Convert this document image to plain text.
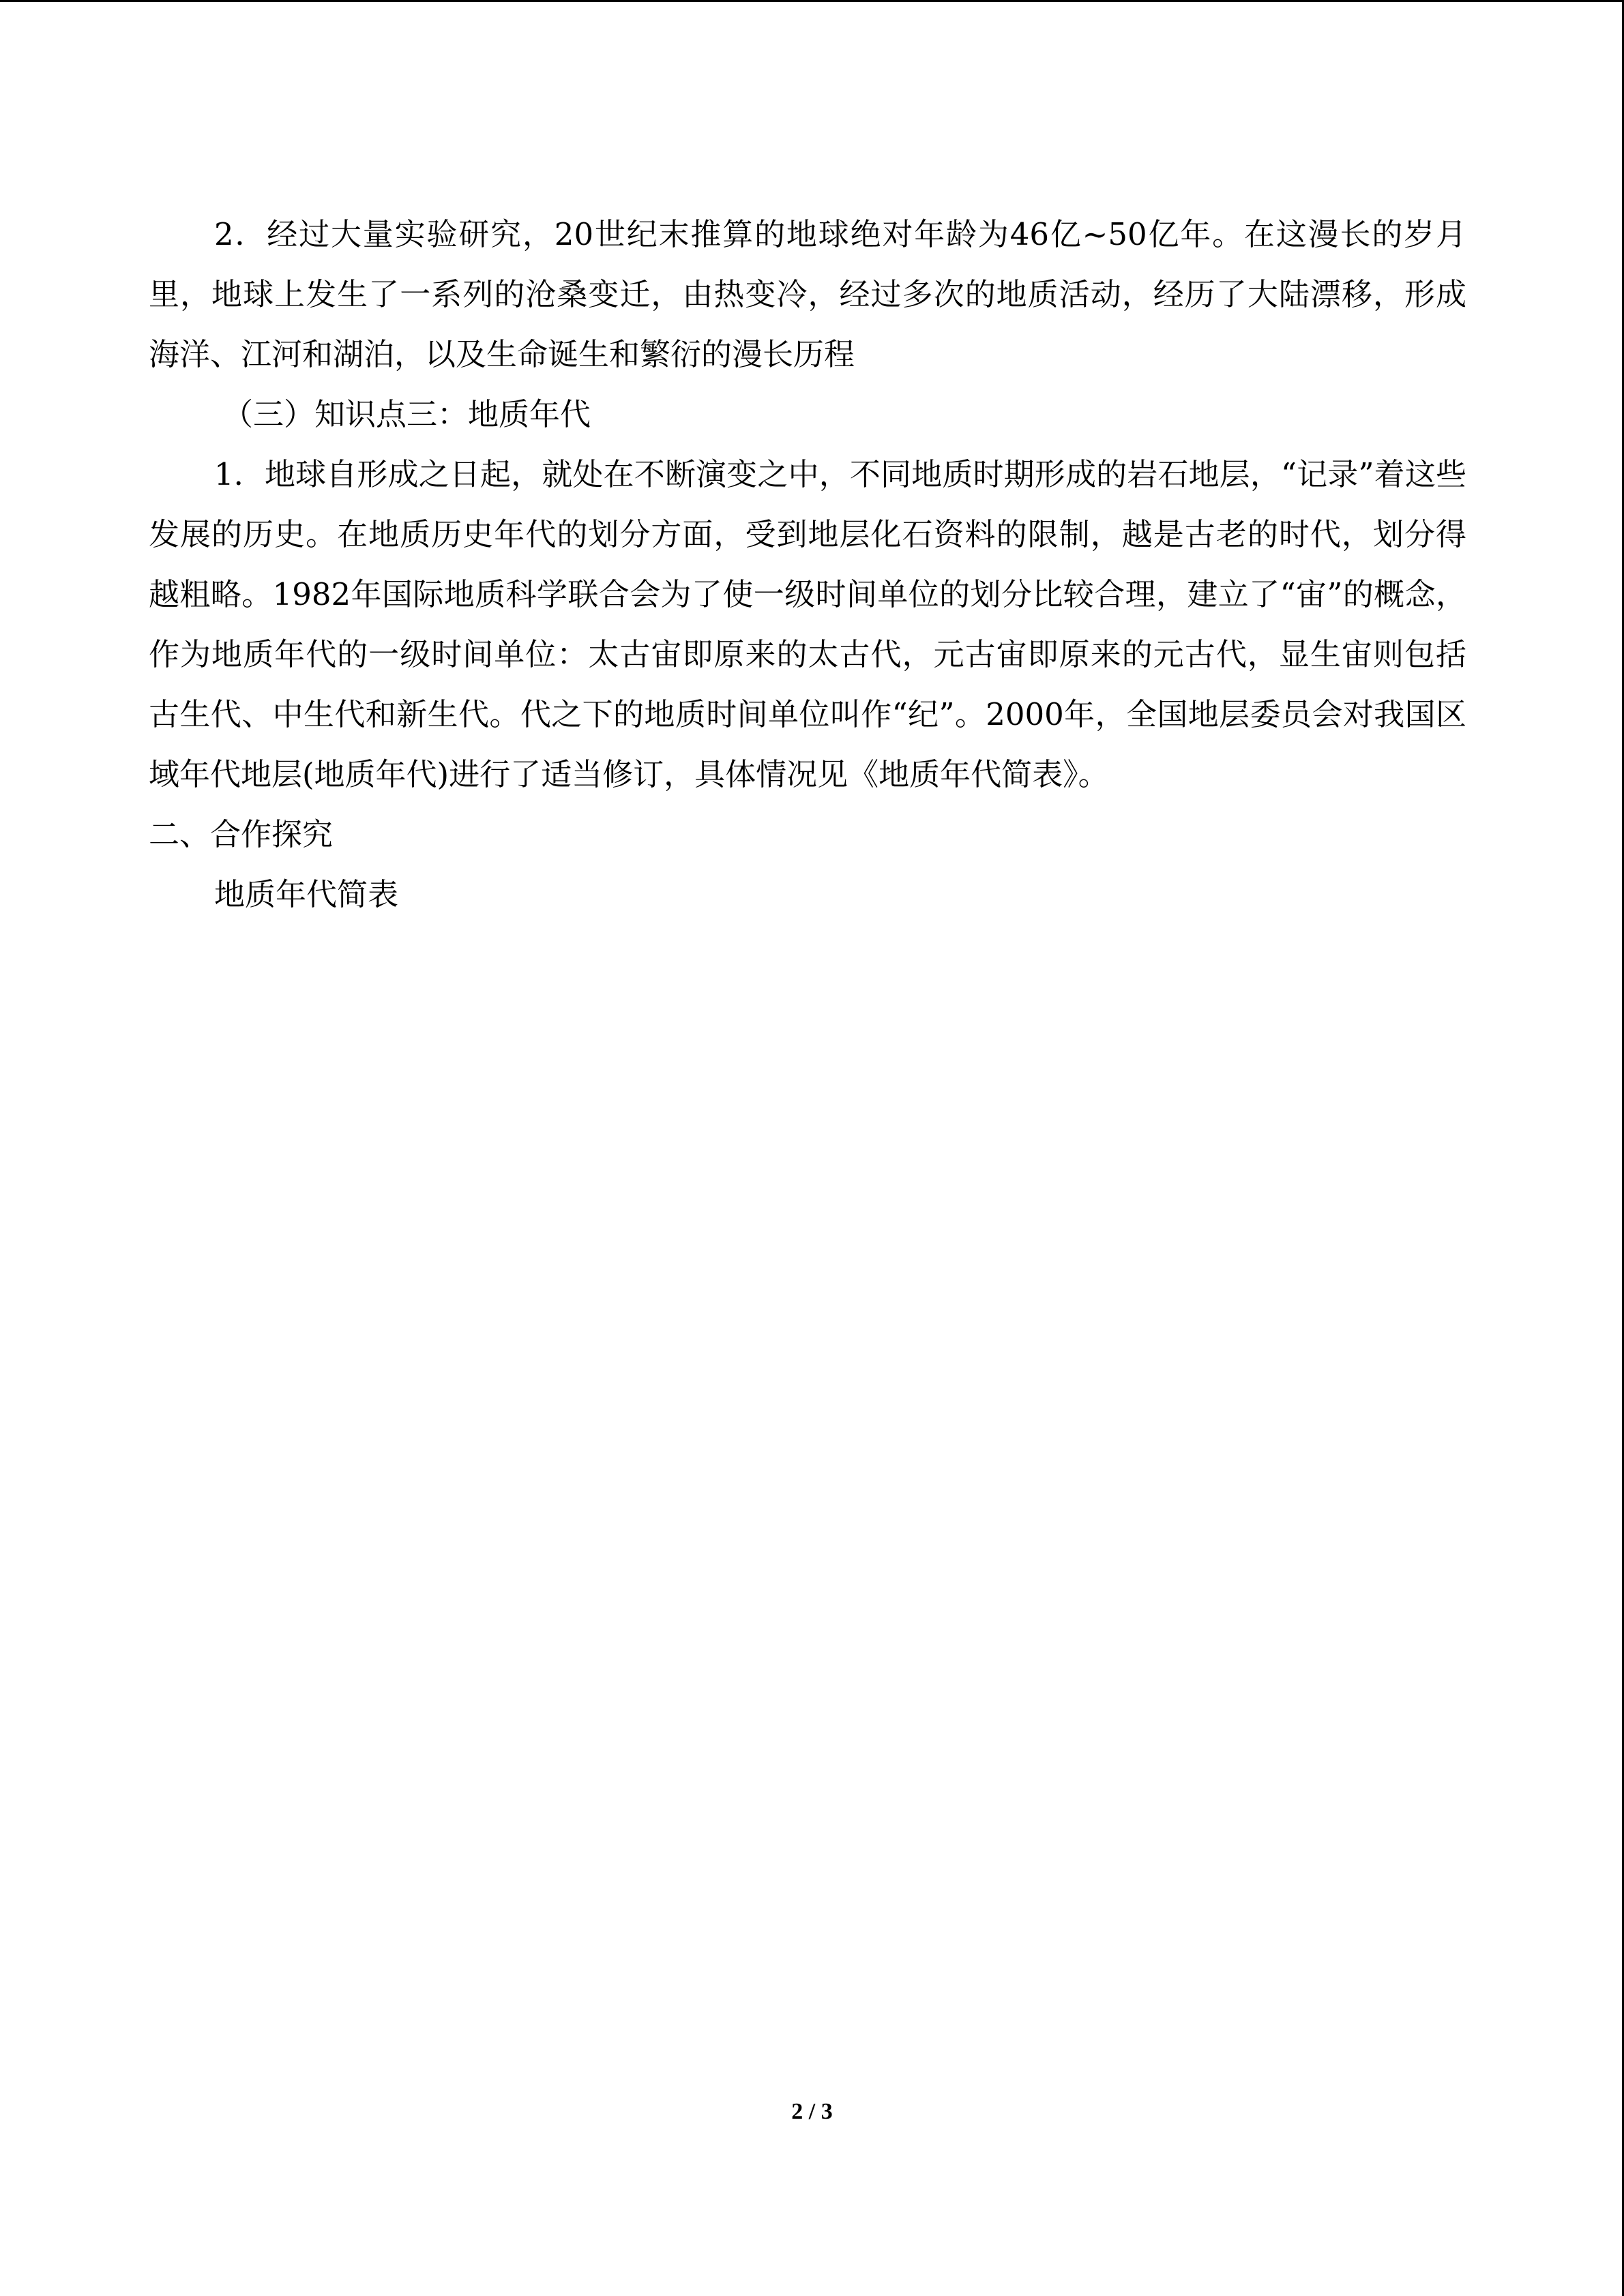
2．经过大量实验研究，20世纪末推算的地球绝对年龄为46亿~50亿年。在这漫长的岁月里，地球上发生了一系列的沧桑变迁，由热变冷，经过多次的地质活动，经历了大陆漂移，形成海洋、江河和湖泊，以及生命诞生和繁衍的漫长历程

（三）知识点三：地质年代

1．地球自形成之日起，就处在不断演变之中，不同地质时期形成的岩石地层，“记录”着这些发展的历史。在地质历史年代的划分方面，受到地层化石资料的限制，越是古老的时代，划分得越粗略。1982年国际地质科学联合会为了使一级时间单位的划分比较合理，建立了“宙”的概念，作为地质年代的一级时间单位：太古宙即原来的太古代，元古宙即原来的元古代，显生宙则包括古生代、中生代和新生代。代之下的地质时间单位叫作“纪”。2000年，全国地层委员会对我国区域年代地层(地质年代)进行了适当修订，具体情况见《地质年代简表》。

二、合作探究

地质年代简表

2 / 3
